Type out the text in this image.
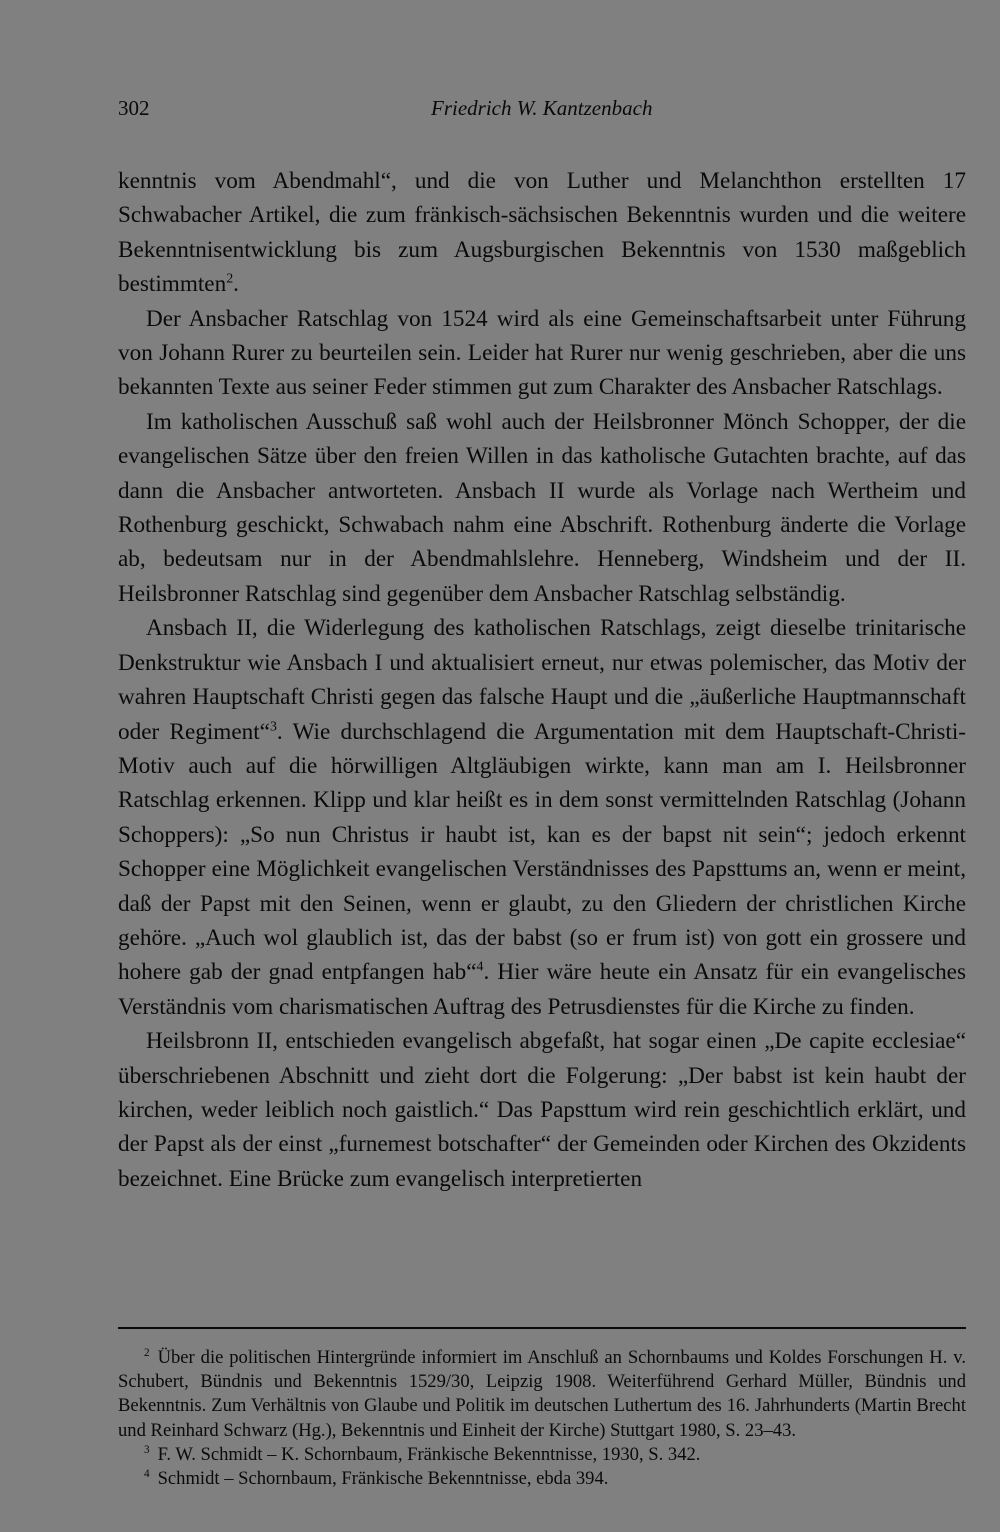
302	Friedrich W. Kantzenbach

kenntnis vom Abendmahl“, und die von Luther und Melanchthon erstellten 17 Schwabacher Artikel, die zum fränkisch-sächsischen Bekenntnis wurden und die weitere Bekenntnisentwicklung bis zum Augsburgischen Bekenntnis von 1530 maßgeblich bestimmten$^2$.

Der Ansbacher Ratschlag von 1524 wird als eine Gemeinschaftsarbeit unter Führung von Johann Rurer zu beurteilen sein. Leider hat Rurer nur wenig geschrieben, aber die uns bekannten Texte aus seiner Feder stimmen gut zum Charakter des Ansbacher Ratschlags.

Im katholischen Ausschuß saß wohl auch der Heilsbronner Mönch Schopper, der die evangelischen Sätze über den freien Willen in das katholische Gutachten brachte, auf das dann die Ansbacher antworteten. Ansbach II wurde als Vorlage nach Wertheim und Rothenburg geschickt, Schwabach nahm eine Abschrift. Rothenburg änderte die Vorlage ab, bedeutsam nur in der Abendmahlslehre. Henneberg, Windsheim und der II. Heilsbronner Ratschlag sind gegenüber dem Ansbacher Ratschlag selbständig.

Ansbach II, die Widerlegung des katholischen Ratschlags, zeigt dieselbe trinitarische Denkstruktur wie Ansbach I und aktualisiert erneut, nur etwas polemischer, das Motiv der wahren Hauptschaft Christi gegen das falsche Haupt und die „äußerliche Hauptmannschaft oder Regiment“$^3$. Wie durchschlagend die Argumentation mit dem Hauptschaft-Christi-Motiv auch auf die hörwilligen Altgläubigen wirkte, kann man am I. Heilsbronner Ratschlag erkennen. Klipp und klar heißt es in dem sonst vermittelnden Ratschlag (Johann Schoppers): „So nun Christus ir haubt ist, kan es der bapst nit sein“; jedoch erkennt Schopper eine Möglichkeit evangelischen Verständnisses des Papsttums an, wenn er meint, daß der Papst mit den Seinen, wenn er glaubt, zu den Gliedern der christlichen Kirche gehöre. „Auch wol glaublich ist, das der babst (so er frum ist) von gott ein grossere und hohere gab der gnad entpfangen hab“$^4$. Hier wäre heute ein Ansatz für ein evangelisches Verständnis vom charismatischen Auftrag des Petrusdienstes für die Kirche zu finden.

Heilsbronn II, entschieden evangelisch abgefaßt, hat sogar einen „De capite ecclesiae“ überschriebenen Abschnitt und zieht dort die Folgerung: „Der babst ist kein haubt der kirchen, weder leiblich noch gaistlich.“ Das Papsttum wird rein geschichtlich erklärt, und der Papst als der einst „furnemest botschafter“ der Gemeinden oder Kirchen des Okzidents bezeichnet. Eine Brücke zum evangelisch interpretierten

$^2$ Über die politischen Hintergründe informiert im Anschluß an Schornbaums und Koldes Forschungen H. v. Schubert, Bündnis und Bekenntnis 1529/30, Leipzig 1908. Weiterführend Gerhard Müller, Bündnis und Bekenntnis. Zum Verhältnis von Glaube und Politik im deutschen Luthertum des 16. Jahrhunderts (Martin Brecht und Reinhard Schwarz (Hg.), Bekenntnis und Einheit der Kirche) Stuttgart 1980, S. 23–43.

$^3$ F. W. Schmidt – K. Schornbaum, Fränkische Bekenntnisse, 1930, S. 342.

$^4$ Schmidt – Schornbaum, Fränkische Bekenntnisse, ebda 394.
